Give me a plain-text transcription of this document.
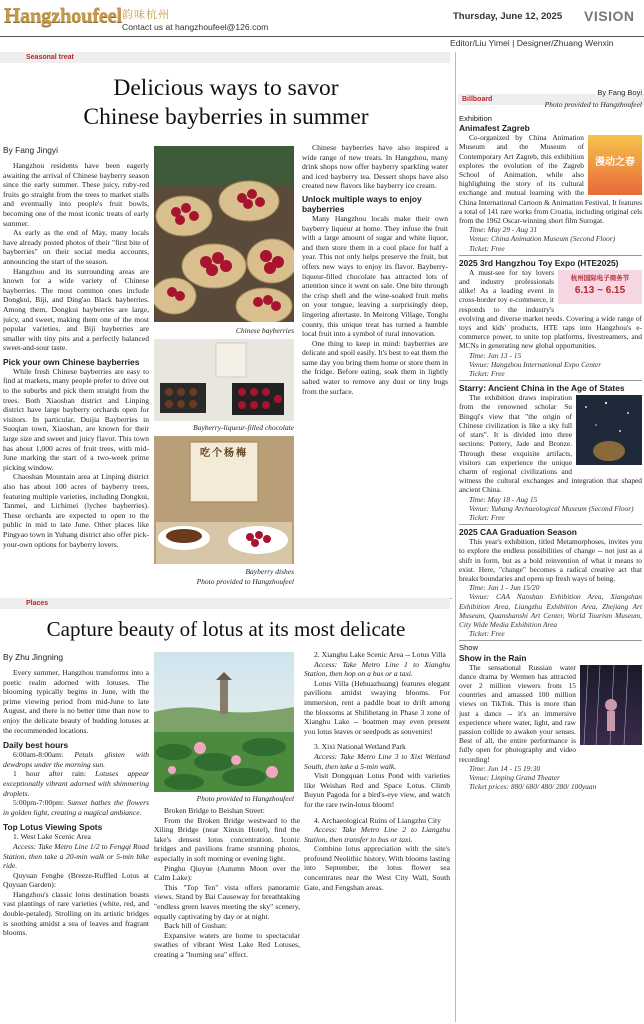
Hangzhoufeel 韵味杭州
Contact us at hangzhoufeel@126.com
Thursday, June 12, 2025 VISION
Editor/Liu Yimei | Designer/Zhuang Wenxin
Seasonal treat
Delicious ways to savor
Chinese bayberries in summer
By Fang Jingyi

Hangzhou residents have been eagerly awaiting the arrival of Chinese bayberry season since the early summer. These juicy, ruby-red fruits go straight from the trees to market stalls and eventually into people's fruit bowls, becoming one of the most iconic treats of early summer.

As early as the end of May, many locals have already posted photos of their "first bite of bayberries" on their social media accounts, announcing the start of the season.

Hangzhou and its surrounding areas are known for a wide variety of Chinese bayberries. The most common ones include Dongkui, Biji, and Ding'ao Black bayberries. Among them, Dongkui bayberries are large, juicy, and sweet, making them one of the most popular varieties, and Biji bayberries are smaller with tiny pits and a perfectly balanced sweet-and-sour taste.

Pick your own Chinese bayberries

While fresh Chinese bayberries are easy to find at markets, many people prefer to drive out to the suburbs and pick them straight from the trees. Both Xiaoshan district and Linping district have large bayberry orchards open for visitors. In particular, Duijia Bayberries in Suoqian town, Xiaoshan, are known for their large size and sweet and juicy flavor. This town has about 1,000 acres of fruit trees, with mid-June marking the start of a two-week prime picking window.

Chaoshan Mountain area at Linping district also has about 100 acres of bayberry trees, featuring multiple varieties, including Dongkui, Tanmei, and Lichimei (lychee bayberries). These orchards are expected to open to the public in mid to late June. Other places like Pingyao town in Yuhang district also offer pick-your-own options for bayberry lovers.

Chinese bayberries
Bayberry-liqueur-filled chocolate
吃个杨梅
Bayberry dishes
Photo provided to Hangzhoufeel

Chinese bayberries have also inspired a wide range of new treats. In Hangzhou, many drink shops now offer bayberry sparkling water and iced bayberry tea. Dessert shops have also created new flavors like bayberry ice cream.

Unlock multiple ways to enjoy bayberries

Many Hangzhou locals make their own bayberry liqueur at home. They infuse the fruit with a large amount of sugar and white liquor, and then store them in a cool place for half a year. This not only helps preserve the fruit, but offers new ways to enjoy its flavor. Bayberry-liqueur-filled chocolate has attracted lots of attention since it went on sale. One bite through the crisp shell and the wine-soaked fruit melts on your tongue, leaving a surprisingly deep, lingering aftertaste. In Meirong Village, Tonglu county, this unique treat has turned a humble local fruit into a symbol of rural innovation.

One thing to keep in mind: bayberries are delicate and spoil easily. It's best to eat them the same day you bring them home or store them in the fridge. Before eating, soak them in lightly salted water to remove any dust or tiny bugs from the surface.

Places
Capture beauty of lotus at its most delicate
By Zhu Jingning

Every summer, Hangzhou transforms into a poetic realm adorned with lotuses. The blooming typically begins in June, with the prime viewing period from mid-June to late August, and there is no better time than now to enjoy the delicate beauty of budding lotuses at the recommended locations.

Daily best hours

6:00am-8:00am: Petals glisten with dewdrops under the morning sun.

1 hour after rain: Lotuses appear exceptionally vibrant adorned with shimmering droplets.

5:00pm-7:00pm: Sunset bathes the flowers in golden light, creating a magical ambiance.

Top Lotus Viewing Spots

1. West Lake Scenic Area

Access: Take Metro Line 1/2 to Fengqi Road Station, then take a 20-min walk or 5-min bike ride.

Quyuan Fenghe (Breeze-Ruffled Lotus at Quyuan Garden):

Hangzhou's classic lotus destination boasts vast plantings of rare varieties (white, red, and double-petaled). Strolling on its artistic bridges is soothing amidst a sea of leaves and fragrant blooms.

Photo provided to Hangzhoufeel

Broken Bridge to Beishan Street:

From the Broken Bridge westward to the Xiling Bridge (near Xinxin Hotel), find the lake's densest lotus concentration. Iconic bridges and pavilions frame stunning photos, especially in soft morning or evening light.

Pinghu Qiuyue (Autumn Moon over the Calm Lake):

This "Top Ten" vista offers panoramic views. Stand by Bai Causeway for breathtaking "endless green leaves meeting the sky" scenery, equally captivating by day or at night.

Back hill of Gushan:

Expansive waters are home to spectacular swathes of vibrant West Lake Red Lotuses, creating a "burning sea" effect.

2. Xianghu Lake Scenic Area -- Lotus Villa

Access: Take Metro Line 1 to Xianghu Station, then hop on a bus or a taxi.

Lotus Villa (Hehuazhuang) features elegant pavilions amidst swaying blooms. For immersion, rent a paddle boat to drift among the blossoms at Shilihetang in Phase 3 zone of Xianghu Lake -- boatmen may even present you lotus leaves or seedpods as souvenirs!

3. Xixi National Wetland Park

Access: Take Metro Line 3 to Xixi Wetland South, then take a 5-min walk.

Visit Dongquan Lotus Pond with varieties like Weishan Red and Space Lotus. Climb Buyun Pagoda for a bird's-eye view, and watch for the rare twin-lotus bloom!

4. Archaeological Ruins of Liangzhu City

Access: Take Metro Line 2 to Liangzhu Station, then transfer to bus or taxi.

Combine lotus appreciation with the site's profound Neolithic history. With blooms lasting into September, the lotus flower sea concentrates near the West City Wall, South Gate, and Fengshan areas.

Billboard
By Fang Boyi
Photo provided to Hangzhoufeel
Exhibition
Animafest Zagreb
漫动之春

Co-organized by China Animation Museum and the Museum of Contemporary Art Zagreb, this exhibition explores the evolution of the Zagreb School of Animation, while also highlighting the story of its cultural exchange and mutual learning with the China International Cartoon & Animation Festival. It features a total of 141 rare works from Croatia, including original cels from the 1962 Oscar-winning short film Surogat.

Time: May 29 - Aug 31

Venue: China Animation Museum (Second Floor)

Ticket: Free

2025 3rd Hangzhou Toy Expo (HTE2025)
杭州国际电子商务节
6.13 ~ 6.15

A must-see for toy lovers and industry professionals alike! As a leading event in cross-border toy e-commerce, it responds to the industry's evolving and diverse market needs. Covering a wide range of toys and kids' products, HTE taps into Hangzhou's e-commerce power, to unite top platforms, livestreamers, and MCNs in generating new global opportunities.

Time: Jun 13 - 15

Venue: Hangzhou International Expo Center

Ticket: Free

Starry: Ancient China in the Age of States

The exhibition draws inspiration from the renowned scholar Su Bingqi's view that "the origin of Chinese civilization is like a sky full of stars". It is divided into three sections: Pottery, Jade and Bronze. Through these exquisite artifacts, visitors can experience the unique charm of regional civilizations and witness the cultural exchanges and integration that shaped ancient China.

Time: May 18 - Aug 15

Venue: Yuhang Archaeological Museum (Second Floor)

Ticket: Free

2025 CAA Graduation Season

This year's exhibition, titled Metamorphoses, invites you to explore the endless possibilities of change -- not just as a shift in form, but as a bold reinvention of what it means to exist. Here, "change" becomes a radical creative act that breaks boundaries and opens up fresh ways of being.

Time: Jun 1 - Jun 15/20

Venue: CAA Nanshan Exhibition Area, Xiangshan Exhibition Area, Liangzhu Exhibition Area, Zhejiang Art Museum, Quanshanshi Art Center, World Tourism Museum, City Wide Media Exhibition Area

Ticket: Free

Show
Show in the Rain

The sensational Russian water dance drama by Wetmen has attracted over 2 million viewers from 15 countries and amassed 100 million views on TikTok. This is more than just a dance -- it's an immersive experience where water, light, and raw passion collide to awaken your senses. Best of all, the entire performance is fully open for photography and video recording!

Time: Jun 14 - 15 19:30

Venue: Linping Grand Theater

Ticket prices: 880/ 680/ 480/ 280/ 100yuan
